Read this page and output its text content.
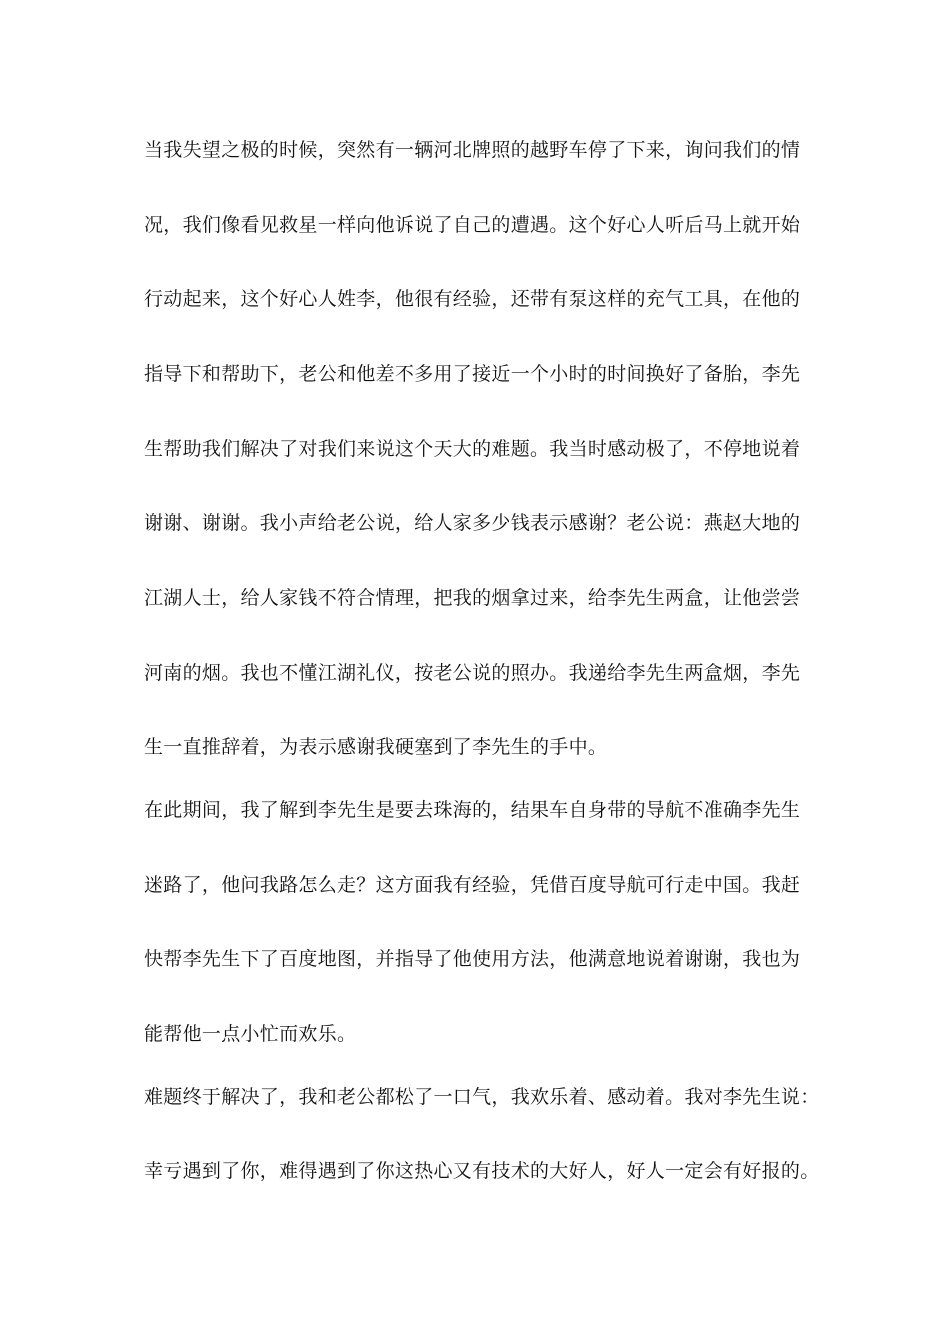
当我失望之极的时候，突然有一辆河北牌照的越野车停了下来，询问我们的情
况，我们像看见救星一样向他诉说了自己的遭遇。这个好心人听后马上就开始
行动起来，这个好心人姓李，他很有经验，还带有泵这样的充气工具，在他的
指导下和帮助下，老公和他差不多用了接近一个小时的时间换好了备胎，李先
生帮助我们解决了对我们来说这个天大的难题。我当时感动极了，不停地说着
谢谢、谢谢。我小声给老公说，给人家多少钱表示感谢？老公说：燕赵大地的
江湖人士，给人家钱不符合情理，把我的烟拿过来，给李先生两盒，让他尝尝
河南的烟。我也不懂江湖礼仪，按老公说的照办。我递给李先生两盒烟，李先
生一直推辞着，为表示感谢我硬塞到了李先生的手中。
在此期间，我了解到李先生是要去珠海的，结果车自身带的导航不准确李先生
迷路了，他问我路怎么走？这方面我有经验，凭借百度导航可行走中国。我赶
快帮李先生下了百度地图，并指导了他使用方法，他满意地说着谢谢，我也为
能帮他一点小忙而欢乐。
难题终于解决了，我和老公都松了一口气，我欢乐着、感动着。我对李先生说：
幸亏遇到了你，难得遇到了你这热心又有技术的大好人，好人一定会有好报的。
